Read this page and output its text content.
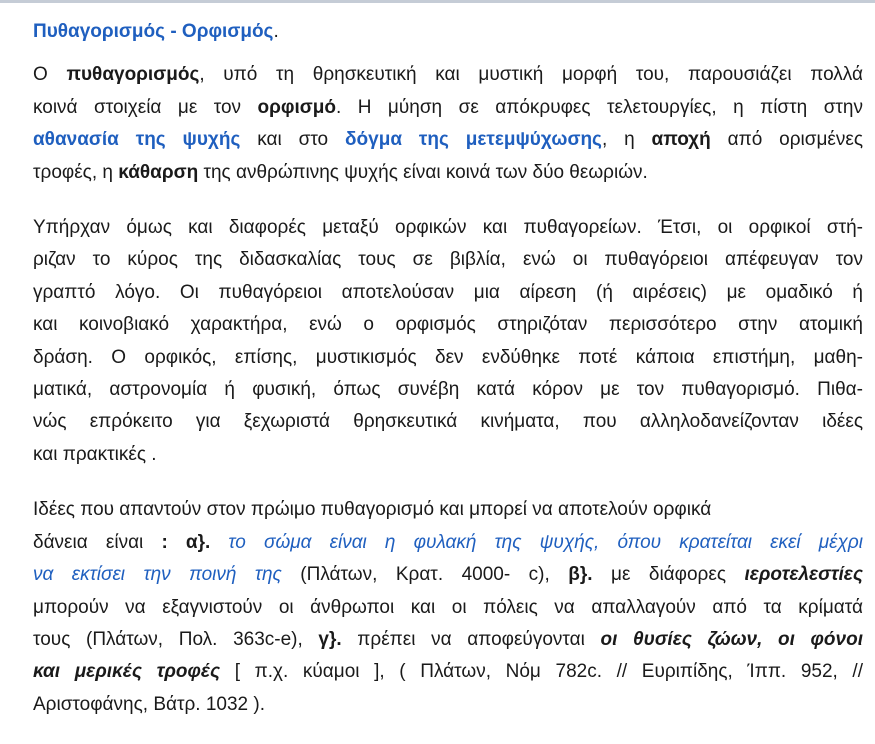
Πυθαγορισμός - Ορφισμός.

Ο πυθαγορισμός, υπό τη θρησκευτική και μυστική μορφή του, παρουσιάζει πολλά
κοινά στοιχεία με τον ορφισμό. Η μύηση σε απόκρυφες τελετουργίες, η πίστη στην
αθανασία της ψυχής και στο δόγμα της μετεμψύχωσης, η αποχή από ορισμένες
τροφές, η κάθαρση της ανθρώπινης ψυχής είναι κοινά των δύο θεωριών.

Υπήρχαν όμως και διαφορές μεταξύ ορφικών και πυθαγορείων. Έτσι, οι ορφικοί στή-
ριζαν το κύρος της διδασκαλίας τους σε βιβλία, ενώ οι πυθαγόρειοι απέφευγαν τον
γραπτό λόγο. Οι πυθαγόρειοι αποτελούσαν μια αίρεση (ή αιρέσεις) με ομαδικό ή
και κοινοβιακό χαρακτήρα, ενώ ο ορφισμός στηριζόταν περισσότερο στην ατομική
δράση. Ο ορφικός, επίσης, μυστικισμός δεν ενδύθηκε ποτέ κάποια επιστήμη, μαθη-
ματικά, αστρονομία ή φυσική, όπως συνέβη κατά κόρον με τον πυθαγορισμό. Πιθα-
νώς επρόκειτο για ξεχωριστά θρησκευτικά κινήματα, που αλληλοδανείζονταν ιδέες
και πρακτικές .

Ιδέες που απαντούν στον πρώιμο πυθαγορισμό και μπορεί να αποτελούν ορφικά
δάνεια είναι : α}. το σώμα είναι η φυλακή της ψυχής, όπου κρατείται εκεί μέχρι
να εκτίσει την ποινή της (Πλάτων, Κρατ. 4000- c), β}. με διάφορες ιεροτελεστίες
μπορούν να εξαγνιστούν οι άνθρωποι και οι πόλεις να απαλλαγούν από τα κρίματά
τους (Πλάτων, Πολ. 363c-e), γ}. πρέπει να αποφεύγονται οι θυσίες ζώων, οι φόνοι
και μερικές τροφές [ π.χ. κύαμοι ], ( Πλάτων, Νόμ 782c. // Ευριπίδης, Ίππ. 952, //
Αριστοφάνης, Βάτρ. 1032 ).
